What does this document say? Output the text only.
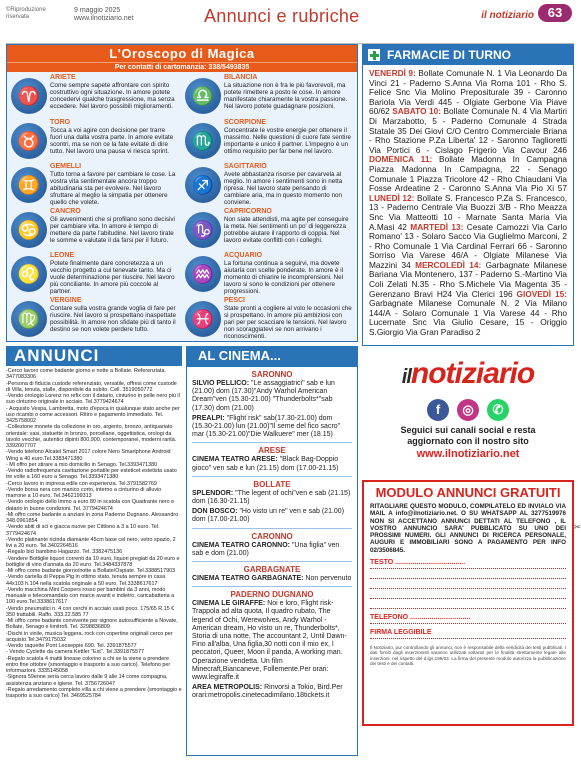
©Riproduzione riservata
9 maggio 2025
www.ilnotiziario.net	Annunci e rubriche	il notiziario	63
L'Oroscopo di Magica
Per contatti di cartomanzia: 338/5493835
♈
ARIETE
Come sempre sapete affrontare con spirito costruttivo ogni situazione. In amore potete concedervi qualche trasgressione, ma senza eccedere. Nel lavoro possibili miglioramenti.
♎
BILANCIA
La situazione non è fra le più favorevoli, ma potete rimettere a posto le cose. In amore manifestate chiaramente la vostra passione. Nel lavoro potete guadagnare posizioni.
♉
TORO
Tocca a voi agire con decisione per trarre fuori una dalla vostra parte. In amore evitate scontri, ma se non ce la fate evitate di dire tutto. Nel lavoro una pausa vi riesca sprint.
♏
SCORPIONE
Concentrate le vostre energie per ottenere il massimo. Nelle questioni di cuore fate sentire importante e unico il partner. L'impegno è un ottimo requisito per far bene nel lavoro.
♊
GEMELLI
Tutto torna a favore per cambiare le cose. La vostra vita sentimentale ancora troppo abitudinaria sta per evolvere. Nel lavoro sfruttare al meglio la simpatia per ottenere quello che volete.
♐
SAGITTARIO
Avete abbastanza risorse per cavarvela al meglio. In amore i sentimenti sono in netta ripresa. Nel lavoro state pensando di cambiare aria, ma in questo momento non conviene.
♋
CANCRO
Gli avvenimenti che si profilano sono decisivi per cambiare vita. In amore è tempo di mettere da parte l'abitudine. Nel lavoro tirate le somme e valutate il da farsi per il futuro.
♑
CAPRICORNO
Non siate attendisti, ma agite per conseguire la meta. Nei sentimenti un po' di leggerezza potrebbe aiutare il rapporto di coppia. Nel lavoro evitate conflitti con i colleghi.
♌
LEONE
Potete finalmente dare concretezza a un vecchio progetto a cui tenevate tanto. Ma ci vuole determinazione per riuscire. Nel lavoro più conciliante. In amore più coccole al partner.
♒
ACQUARIO
La fortuna continua a seguirvi, ma dovete aiutarla con scelte ponderate. In amore è il momento di chiarire le incomprensioni. Nel lavoro si sono le condizioni per ottenere progressioni.
♍
VERGINE
Contare sulla vostra grande voglia di fare per riuscire. Nel lavoro si prospettano inaspettate possibilità. In amore non sfidate più di tanto il destino se non volete perdere tutto.
♓
PESCI
State pronti a cogliere al volo le occasioni che si prospettano. In amore più ambiziosi con pari per per scacciare le tensioni. Nel lavoro non scoraggiatevi se non arrivano i riconoscimenti.
ANNUNCI
-Cerco lavoro come badante giorno e notte a Bollate. Referenziata. 3477083306
-Persona di fiducia custode referenziato, versatile, offresi come custode di Villa, tenuta, stalle, disponibile da subito. Cell. 3519050772
-Vendo orologio Lorenz no refix con il datario, cinturino in pelle nero più il suo cinturino originale in acciaio. Tel.3779424674
- Acquisto Vespa, Lambretta, moto d'epoca in qualunque stato anche per uso ricambi o come accessori. Ritiro e pagamento immediato. Tel. 3425758002
-Collezione monete da collezione in oro, argento, bronzo, antiquariato orientale: vasi, statuette in bronzo, porcellane, oggettistica, orologi da tavolo vecchie, autentici dipinti 800,900, contemporanei, moderni rarità. 3392007707
-Vendo telefono Alcatel Smart 2017 colore Nero Smartphone Android Wing a 40 euro.Tel.3383471380
- Mi offro per stirare a mio domicilio in Senago. Tel.3393471380
-Vendo radiofrequenza cavitazione portatile per esteticet estetista usato tre volte a 160 euro a Senago. Tel.3393471380
-Cerco lavoro in impresa edile con esperienza. Tel.3791582769
-Vendo borsa nera con manico corto, interno a cinturino di alluvio marrone a 10 euro. Tel.3462199313
-Vendo orologio dello Immo a euro 80 in scatola con Quadrante nero e datario in buone condizioni. Tel. 3779424674
-Mi offro come badante a anziani in zona Paderno Dugnano. Alessandro 348.0961854
-Vendo abiti di sci e giacca nuove per Cittiono a 3 a 10 euro. Tel. 3779424674
-Vendo platinante ricinda diamante 45cm base cel nero, vetro spazio, 2 livi a 20 euro. Tel.3402264516
-Regalo bici bambino Hagazzo. Tel. 3382475136
-Vendere Bottiglie liquori correnti da 10 euro, liquori pregiati da 20 euro e bottiglie di vino d'annata da 20 euro. Tel.3484337878
-Mi offro come badante giorno/notte a Bollate/Ospiate. Tel.3388517903
-Vendo cartella di Peppa Pig in ottimo stato, tenuta sempre in casa 44x103 h.104 nella scatola originale a 50 euro. Tel.3338617617
-Vendo macchina Mini Coopers rosso per bambini da 3 anni, modo manuale e telecomandato con marce avanti e indietro, caricabatteria a 100 euro.Tel.3338617617
-Vendo pneumatici n. 4 con cerchi in acciaio usati poco. 175/65 R.15 € 350 trattabili. Raffo. 333.22.585 77
-Mi offro come badante convivente per signore autosufficiente a Novate, Bollate, Senago e limitrofi. Tel. 3298836809
-Dischi in vinile, musica leggera, rock con copertine originali cerco per acquisto.Tel.3479175032
-Vendo raquette Pont Leoseppie 690. Tel. 3391875577
- Vendo Cyclette da camera Kettler "Ext". Tel.3391875577
-Regalo scatola 4 mattii linease colorino a chi se la viene a prendere entro fine ottobre (smontaggio e trasporto a suo carico). Telefono per informazioni. 3335145058
-Signora 59enne seria cerca lavoro dalle 9 alle 14 come compagna, assistenza anziano e igiene. Tel. 3756726047
-Regalo arredamento completo villa a chi viene a prendere (smontaggio e trasporto a suo carico) Tel. 3469525784
AL CINEMA...
SARONNO
SILVIO PELLICO: "Le assaggiatrici" sab e lun (21.00) dom (17.30)"Andy Warhol American Dream"ven (15.30-21.00) "Thunderbolts*"sab (17.30) dom (21.00)
PREALPI: "Flight risk" sab(17.30-21.00) dom (15.30-21.00) lun (21.00)"Il seme del fico sacro" mar (15.30-21.00)"Die Walkuere" mer (18.15)
ARESE
CINEMA TEATRO ARESE: "Black Bag-Doppio gioco" ven sab e lun (21.15) dom (17.00-21.15)
BOLLATE
SPLENDOR: "The legent of ochi"ven e sab (21.15) dom (16.30-21.15)
DON BOSCO: "Ho visto un re" ven e sab (21.00) dom (17.00-21.00)
CARONNO
CINEMA TEATRO CARONNO: "Una figlia" ven sab e dom (21.00)
GARBAGNATE
CINEMA TEATRO GARBAGNATE: Non pervenuto
PADERNO DUGNANO
CINEMA LE GIRAFFE: Noi e loro, Flight risk-Trappola ad alta quota, Il quadro rubato, The legend of Ochi, Werewolves, Andy Warhol -American dream, Ho visto un re, Thunderbolts*, Storia di una notte, The accountant 2, Until Dawn-Fino all'alba, Una figlia,30 notti con il mio ex, I peccatori, Queer, Moon il panda, A working man. Operazione vendetta. Un film Minecraft,Biancaneve, Follemente.Per orari: www.legiraffe.it
AREA METROPOLIS: Rinvorsi a Tokio, Bird.Per orari:metropolis.cinetecadimilano.18tickets.it
FARMACIE DI TURNO
VENERDÌ 9: Bollate Comunale N. 1 Via Leonardo Da Vinci 21 - Paderno S.Anna Via Roma 101 - Rho S. Felice Snc Via Molino Prepositurale 39 - Caronno Bariola Via Verdi 445 - Olgiate Gerbone Via Piave 60/62 SABATO 10: Bollate Comunale N. 4 Via Martiri Di Marzabotto, 5 - Paderno Comunale 4 Strada Statale 35 Dei Giovi C/O Centro Commerciale Briana - Rho Stazione P.Za Liberta' 12 - Saronno Taglioretti Via Portici 6 - Cislago Frigerio Via Cavour 246 DOMENICA 11: Bollate Madonna In Campagna Piazza Madonna In Campagna, 22 - Senago Comunale 1 Piazza Tricolore 42 - Rho Chiaudani Via Fosse Ardeatine 2 - Caronno S.Anna Via Pio Xi 57 LUNEDÌ 12: Bollate S. Francesco P.Za S. Francesco, 13 - Paderno Centrale Via Buozzi 3/B - Rho Meazza Snc Via Matteotti 10 - Marnate Santa Maria Via A.Masi 42 MARTEDÌ 13: Cesate Camozzi Via Carlo Romano' 13 - Solaro Sacco Via Guglielmo Marconi, 2 - Rho Comunale 1 Via Cardinal Ferrari 66 - Saronno Sorriso Via Varese 46/A - Olgiate Milanese Via Mazzini 34 MERCOLEDÌ 14: Garbagnate Milanese Bariana Via Montenero, 137 - Paderno S.-Martino Via Coli Zelati N.35 - Rho S.Michele Via Magenta 35 - Gerenzano Bravi H24 Via Clerici 196 GIOVEDÌ 15: Garbagnate Milanese Comunale N. 2 Via Milano 144/A - Solaro Comunale 1 Via Varese 44 - Rho Lucernate Snc Via Giulio Cesare, 15 - Origgio S.Giorgio Via Gran Paradiso 2
ilnotiziario
f	◎	✆
Seguici sui canali social e resta
aggiornato con il nostro sito
www.ilnotiziario.net
✂
MODULO ANNUNCI GRATUITI
RITAGLIARE QUESTO MODULO, COMPILATELO ED INVIALO VIA MAIL A info@ilnotiziario.net. O SU WHATSAPP AL 3277519976 NON SI ACCETTANO ANNUNCI DETTATI AL TELEFONO , IL VOSTRO ANNUNCIO SARA' PUBBLICATO SU UNO DEI PROSSIMI NUMERI. GLI ANNUNCI DI RICERCA PERSONALE, AUGURI E IMMOBILIARI SONO A PAGAMENTO PER INFO 02/3506845.
TESTO ....................................
TELEFONO ...............................
FIRMA LEGGIBILE
Il Notiziario, pur controllando gli annunci, non è responsabile della veridicità dei testi pubblicati. I dati forniti dagli inserzionisti saranno utilizzati soltanto per le finalità strettamente legate alle inserzioni, nel rispetto del d.lgs.196/03. La firma del presente modulo autorizza la pubblicazione dei testi e dei contatti.
